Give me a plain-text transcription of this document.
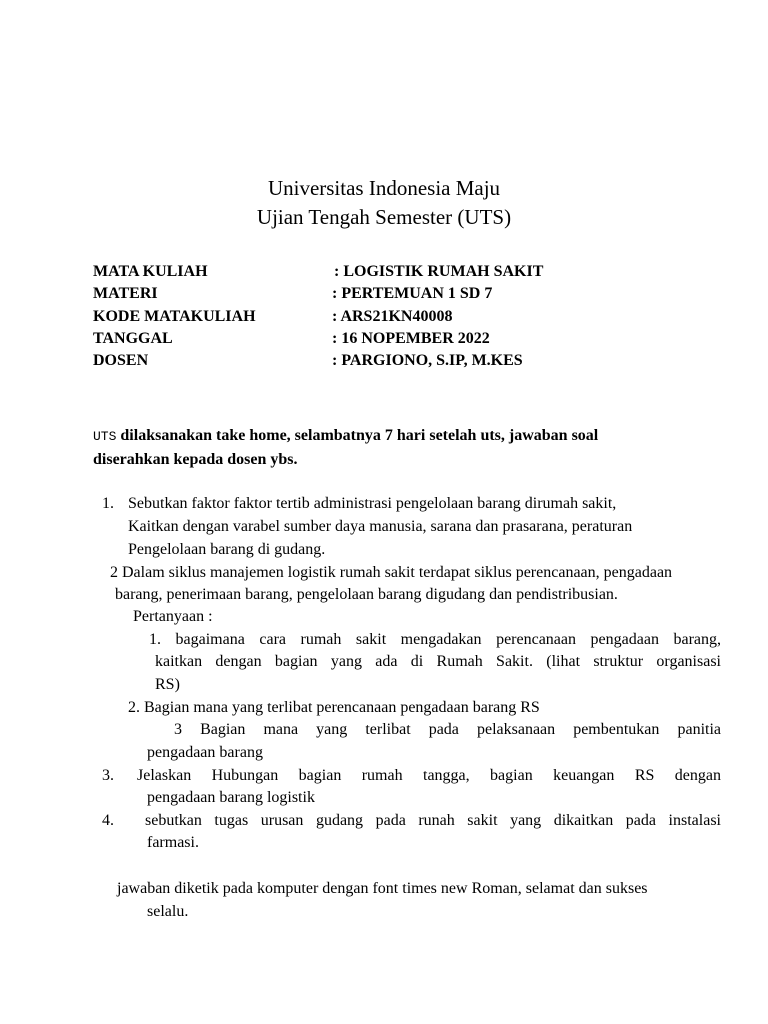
Universitas Indonesia Maju
Ujian Tengah Semester (UTS)
MATA KULIAH	: LOGISTIK RUMAH SAKIT
MATERI	: PERTEMUAN 1 SD 7
KODE MATAKULIAH	: ARS21KN40008
TANGGAL	: 16 NOPEMBER 2022
DOSEN	: PARGIONO, S.IP, M.KES
UTS dilaksanakan take home, selambatnya 7 hari setelah uts, jawaban soal
diserahkan kepada dosen ybs.
1. Sebutkan faktor faktor tertib administrasi pengelolaan barang dirumah sakit,
Kaitkan dengan varabel sumber daya manusia, sarana dan prasarana, peraturan
Pengelolaan barang di gudang.
2 Dalam siklus manajemen logistik rumah sakit terdapat siklus perencanaan, pengadaan
barang, penerimaan barang, pengelolaan barang digudang dan pendistribusian.
Pertanyaan :
1. bagaimana cara rumah sakit mengadakan perencanaan pengadaan barang,
kaitkan dengan bagian yang ada di Rumah Sakit. (lihat struktur organisasi
RS)
2. Bagian mana yang terlibat perencanaan pengadaan barang RS
3 Bagian mana yang terlibat pada pelaksanaan pembentukan panitia
pengadaan barang
3. Jelaskan Hubungan bagian rumah tangga, bagian keuangan RS dengan
pengadaan barang logistik
4. sebutkan tugas urusan gudang pada runah sakit yang dikaitkan pada instalasi
farmasi.
jawaban diketik pada komputer dengan font times new Roman, selamat dan sukses
selalu.
